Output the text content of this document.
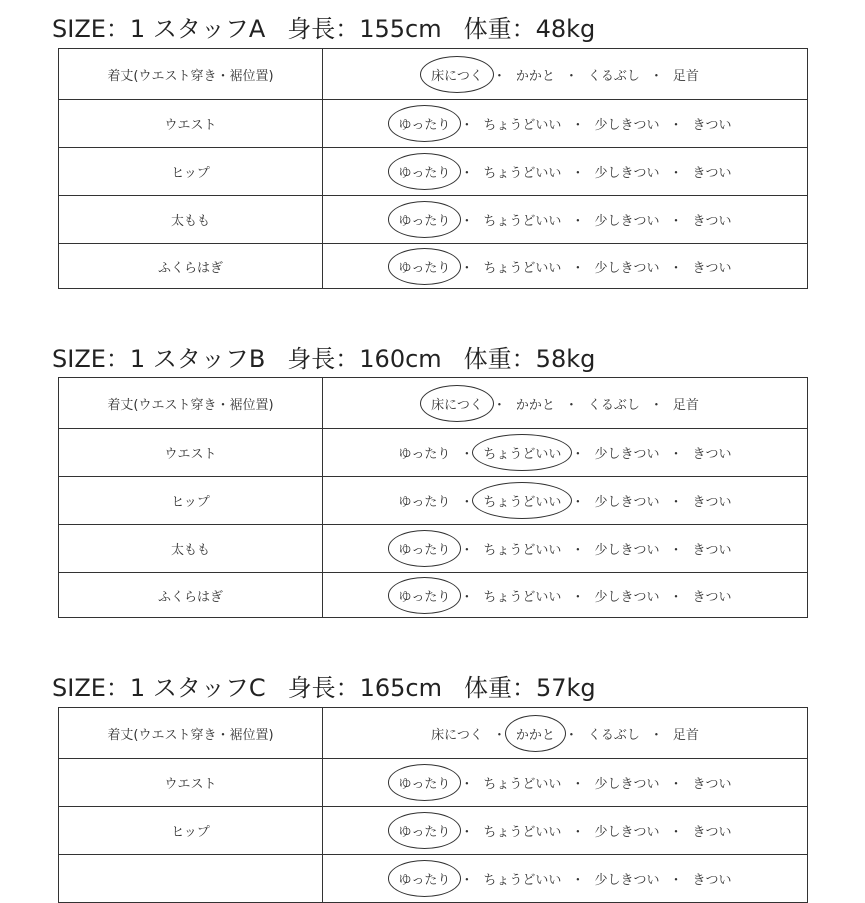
SIZE：1 スタッフA 身長：155cm 体重：48kg
着丈(ウエスト穿き・裾位置)	床につく ・ かかと ・ くるぶし ・ 足首
ウエスト	ゆったり ・ ちょうどいい ・ 少しきつい ・ きつい
ヒップ	ゆったり ・ ちょうどいい ・ 少しきつい ・ きつい
太もも	ゆったり ・ ちょうどいい ・ 少しきつい ・ きつい
ふくらはぎ	ゆったり ・ ちょうどいい ・ 少しきつい ・ きつい
SIZE：1 スタッフB 身長：160cm 体重：58kg
着丈(ウエスト穿き・裾位置)	床につく ・ かかと ・ くるぶし ・ 足首
ウエスト	ゆったり ・ ちょうどいい ・ 少しきつい ・ きつい
ヒップ	ゆったり ・ ちょうどいい ・ 少しきつい ・ きつい
太もも	ゆったり ・ ちょうどいい ・ 少しきつい ・ きつい
ふくらはぎ	ゆったり ・ ちょうどいい ・ 少しきつい ・ きつい
SIZE：1 スタッフC 身長：165cm 体重：57kg
着丈(ウエスト穿き・裾位置)	床につく ・ かかと ・ くるぶし ・ 足首
ウエスト	ゆったり ・ ちょうどいい ・ 少しきつい ・ きつい
ヒップ	ゆったり ・ ちょうどいい ・ 少しきつい ・ きつい
	ゆったり ・ ちょうどいい ・ 少しきつい ・ きつい
